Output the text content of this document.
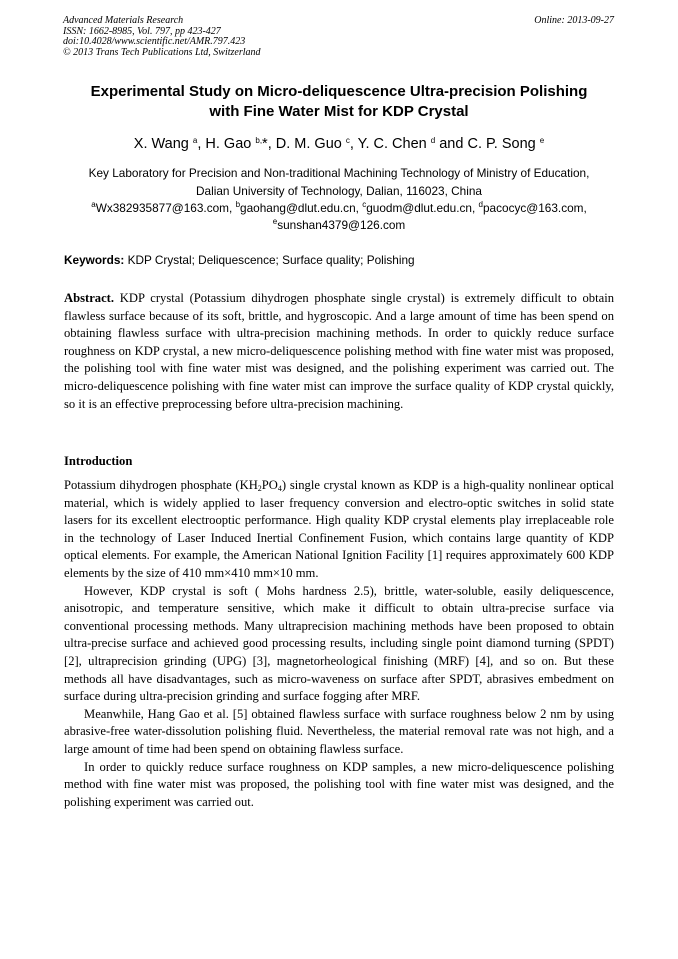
Advanced Materials Research
ISSN: 1662-8985, Vol. 797, pp 423-427
doi:10.4028/www.scientific.net/AMR.797.423
© 2013 Trans Tech Publications Ltd, Switzerland
Online: 2013-09-27
Experimental Study on Micro-deliquescence Ultra-precision Polishing
with Fine Water Mist for KDP Crystal
X. Wang $^a$, H. Gao $^{b,}$*, D. M. Guo $^c$, Y. C. Chen $^d$ and C. P. Song $^e$
Key Laboratory for Precision and Non-traditional Machining Technology of Ministry of Education,
Dalian University of Technology, Dalian, 116023, China
$^a$Wx382935877@163.com, $^b$gaohang@dlut.edu.cn, $^c$guodm@dlut.edu.cn, $^d$pacocyc@163.com,
$^e$sunshan4379@126.com
Keywords: KDP Crystal; Deliquescence; Surface quality; Polishing

Abstract. KDP crystal (Potassium dihydrogen phosphate single crystal) is extremely difficult to obtain flawless surface because of its soft, brittle, and hygroscopic. And a large amount of time has been spend on obtaining flawless surface with ultra-precision machining methods. In order to quickly reduce surface roughness on KDP crystal, a new micro-deliquescence polishing method with fine water mist was proposed, the polishing tool with fine water mist was designed, and the polishing experiment was carried out. The micro-deliquescence polishing with fine water mist can improve the surface quality of KDP crystal quickly, so it is an effective preprocessing before ultra-precision machining.

Introduction

Potassium dihydrogen phosphate $(KH_2PO_4)$ single crystal known as KDP is a high-quality nonlinear optical material, which is widely applied to laser frequency conversion and electro-optic switches in solid state lasers for its excellent electrooptic performance. High quality KDP crystal elements play irreplaceable role in the technology of Laser Induced Inertial Confinement Fusion, which contains large quantity of KDP optical elements. For example, the American National Ignition Facility [1] requires approximately 600 KDP elements by the size of 410 mm×410 mm×10 mm.

However, KDP crystal is soft ( Mohs hardness 2.5), brittle, water-soluble, easily deliquescence, anisotropic, and temperature sensitive, which make it difficult to obtain ultra-precise surface via conventional processing methods. Many ultraprecision machining methods have been proposed to obtain ultra-precise surface and achieved good processing results, including single point diamond turning (SPDT) [2], ultraprecision grinding (UPG) [3], magnetorheological finishing (MRF) [4], and so on. But these methods all have disadvantages, such as micro-waveness on surface after SPDT, abrasives embedment on surface during ultra-precision grinding and surface fogging after MRF.

Meanwhile, Hang Gao et al. [5] obtained flawless surface with surface roughness below 2 nm by using abrasive-free water-dissolution polishing fluid. Nevertheless, the material removal rate was not high, and a large amount of time had been spend on obtaining flawless surface.

In order to quickly reduce surface roughness on KDP samples, a new micro-deliquescence polishing method with fine water mist was proposed, the polishing tool with fine water mist was designed, and the polishing experiment was carried out.
